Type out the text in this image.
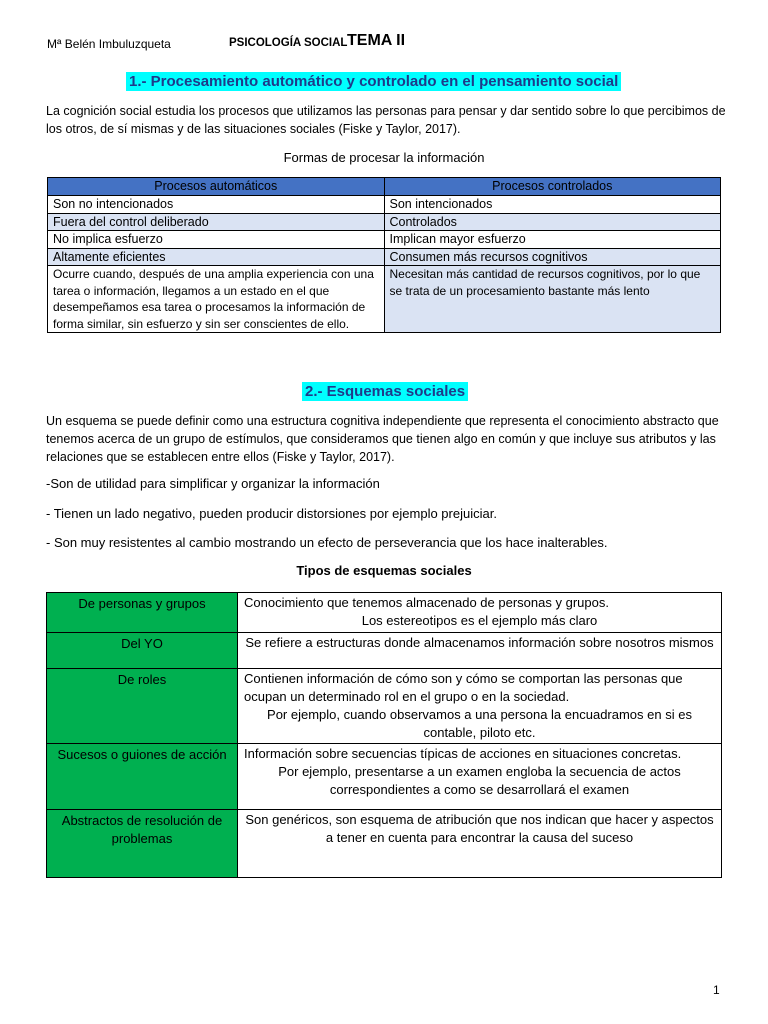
Mª Belén Imbuluzqueta	PSICOLOGÍA SOCIAL TEMA II
1.- Procesamiento automático y controlado en el pensamiento social
La cognición social estudia los procesos que utilizamos las personas para pensar y dar sentido sobre lo que percibimos de los otros, de sí mismas y de las situaciones sociales (Fiske y Taylor, 2017).
Formas de procesar la información
Procesos automáticos	Procesos controlados
Son no intencionados	Son intencionados
Fuera del control deliberado	Controlados
No implica esfuerzo	Implican mayor esfuerzo
Altamente eficientes	Consumen más recursos cognitivos
Ocurre cuando, después de una amplia experiencia con una tarea o información, llegamos a un estado en el que desempeñamos esa tarea o procesamos la información de forma similar, sin esfuerzo y sin ser conscientes de ello.	Necesitan más cantidad de recursos cognitivos, por lo que se trata de un procesamiento bastante más lento
2.- Esquemas sociales
Un esquema se puede definir como una estructura cognitiva independiente que representa el conocimiento abstracto que tenemos acerca de un grupo de estímulos, que consideramos que tienen algo en común y que incluye sus atributos y las relaciones que se establecen entre ellos (Fiske y Taylor, 2017).
-Son de utilidad para simplificar y organizar la información
- Tienen un lado negativo, pueden producir distorsiones por ejemplo prejuiciar.
- Son muy resistentes al cambio mostrando un efecto de perseverancia que los hace inalterables.
Tipos de esquemas sociales
De personas y grupos	Conocimiento que tenemos almacenado de personas y grupos.
Los estereotipos es el ejemplo más claro
Del YO	Se refiere a estructuras donde almacenamos información sobre nosotros mismos
De roles	Contienen información de cómo son y cómo se comportan las personas que ocupan un determinado rol en el grupo o en la sociedad.
Por ejemplo, cuando observamos a una persona la encuadramos en si es contable, piloto etc.
Sucesos o guiones de acción	Información sobre secuencias típicas de acciones en situaciones concretas.
Por ejemplo, presentarse a un examen engloba la secuencia de actos correspondientes a como se desarrollará el examen
Abstractos de resolución de problemas	Son genéricos, son esquema de atribución que nos indican que hacer y aspectos a tener en cuenta para encontrar la causa del suceso
1
